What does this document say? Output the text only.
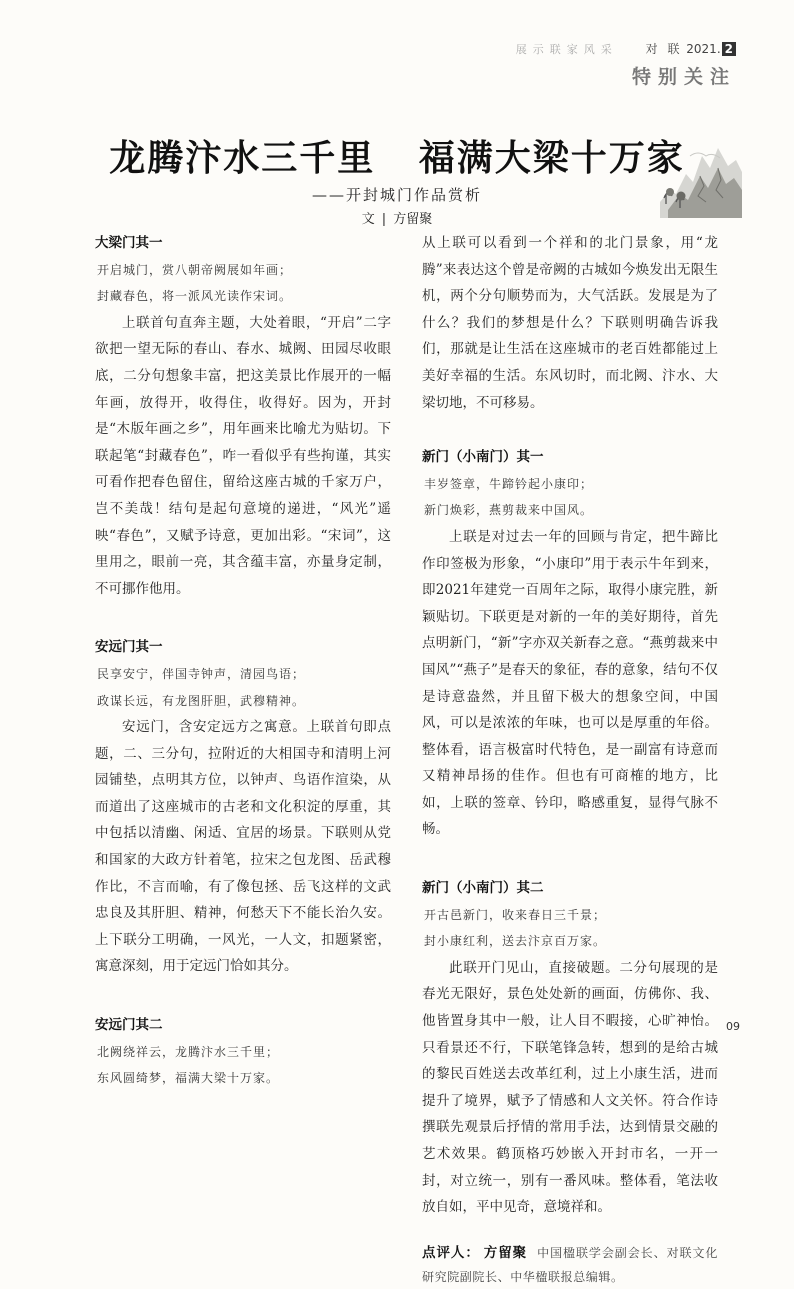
展示联家风采 对 联 2021. 2
特别关注
龙腾汴水三千里   福满大梁十万家
——开封城门作品赏析
文 | 方留聚
大梁门其一

开启城门，赏八朝帝阙展如年画；

封藏春色，将一派风光读作宋词。

上联首句直奔主题，大处着眼，“开启”二字欲把一望无际的春山、春水、城阙、田园尽收眼底，二分句想象丰富，把这美景比作展开的一幅年画，放得开，收得住，收得好。因为，开封是“木版年画之乡”，用年画来比喻尤为贴切。下联起笔“封藏春色”，咋一看似乎有些拘谨，其实可看作把春色留住，留给这座古城的千家万户，岂不美哉！结句是起句意境的递进，“风光”遥映“春色”，又赋予诗意，更加出彩。“宋词”，这里用之，眼前一亮，其含蕴丰富，亦量身定制，不可挪作他用。

安远门其一

民享安宁，伴国寺钟声，清园鸟语；

政谋长远，有龙图肝胆，武穆精神。

安远门，含安定远方之寓意。上联首句即点题，二、三分句，拉附近的大相国寺和清明上河园铺垫，点明其方位，以钟声、鸟语作渲染，从而道出了这座城市的古老和文化积淀的厚重，其中包括以清幽、闲适、宜居的场景。下联则从党和国家的大政方针着笔，拉宋之包龙图、岳武穆作比，不言而喻，有了像包拯、岳飞这样的文武忠良及其肝胆、精神，何愁天下不能长治久安。上下联分工明确，一风光，一人文，扣题紧密，寓意深刻，用于定远门恰如其分。

安远门其二

北阙绕祥云，龙腾汴水三千里；

东风圆绮梦，福满大梁十万家。

从上联可以看到一个祥和的北门景象，用“龙腾”来表达这个曾是帝阙的古城如今焕发出无限生机，两个分句顺势而为，大气活跃。发展是为了什么？我们的梦想是什么？下联则明确告诉我们，那就是让生活在这座城市的老百姓都能过上美好幸福的生活。东风切时，而北阙、汴水、大梁切地，不可移易。

新门（小南门）其一

丰岁签章，牛蹄钤起小康印；

新门焕彩，燕剪裁来中国风。

上联是对过去一年的回顾与肯定，把牛蹄比作印签极为形象，“小康印”用于表示牛年到来，即2021年建党一百周年之际，取得小康完胜，新颖贴切。下联更是对新的一年的美好期待，首先点明新门，“新”字亦双关新春之意。“燕剪裁来中国风”“燕子”是春天的象征，春的意象，结句不仅是诗意盎然，并且留下极大的想象空间，中国风，可以是浓浓的年味，也可以是厚重的年俗。整体看，语言极富时代特色，是一副富有诗意而又精神昂扬的佳作。但也有可商榷的地方，比如，上联的签章、钤印，略感重复，显得气脉不畅。

新门（小南门）其二

开古邑新门，收来春日三千景；

封小康红利，送去汴京百万家。

此联开门见山，直接破题。二分句展现的是春光无限好，景色处处新的画面，仿佛你、我、他皆置身其中一般，让人目不暇接，心旷神怡。只看景还不行，下联笔锋急转，想到的是给古城的黎民百姓送去改革红利，过上小康生活，进而提升了境界，赋予了情感和人文关怀。符合作诗撰联先观景后抒情的常用手法，达到情景交融的艺术效果。鹤顶格巧妙嵌入开封市名，一开一封，对立统一，别有一番风味。整体看，笔法收放自如，平中见奇，意境祥和。

点评人： 方留聚 中国楹联学会副会长、对联文化研究院副院长、中华楹联报总编辑。

09
